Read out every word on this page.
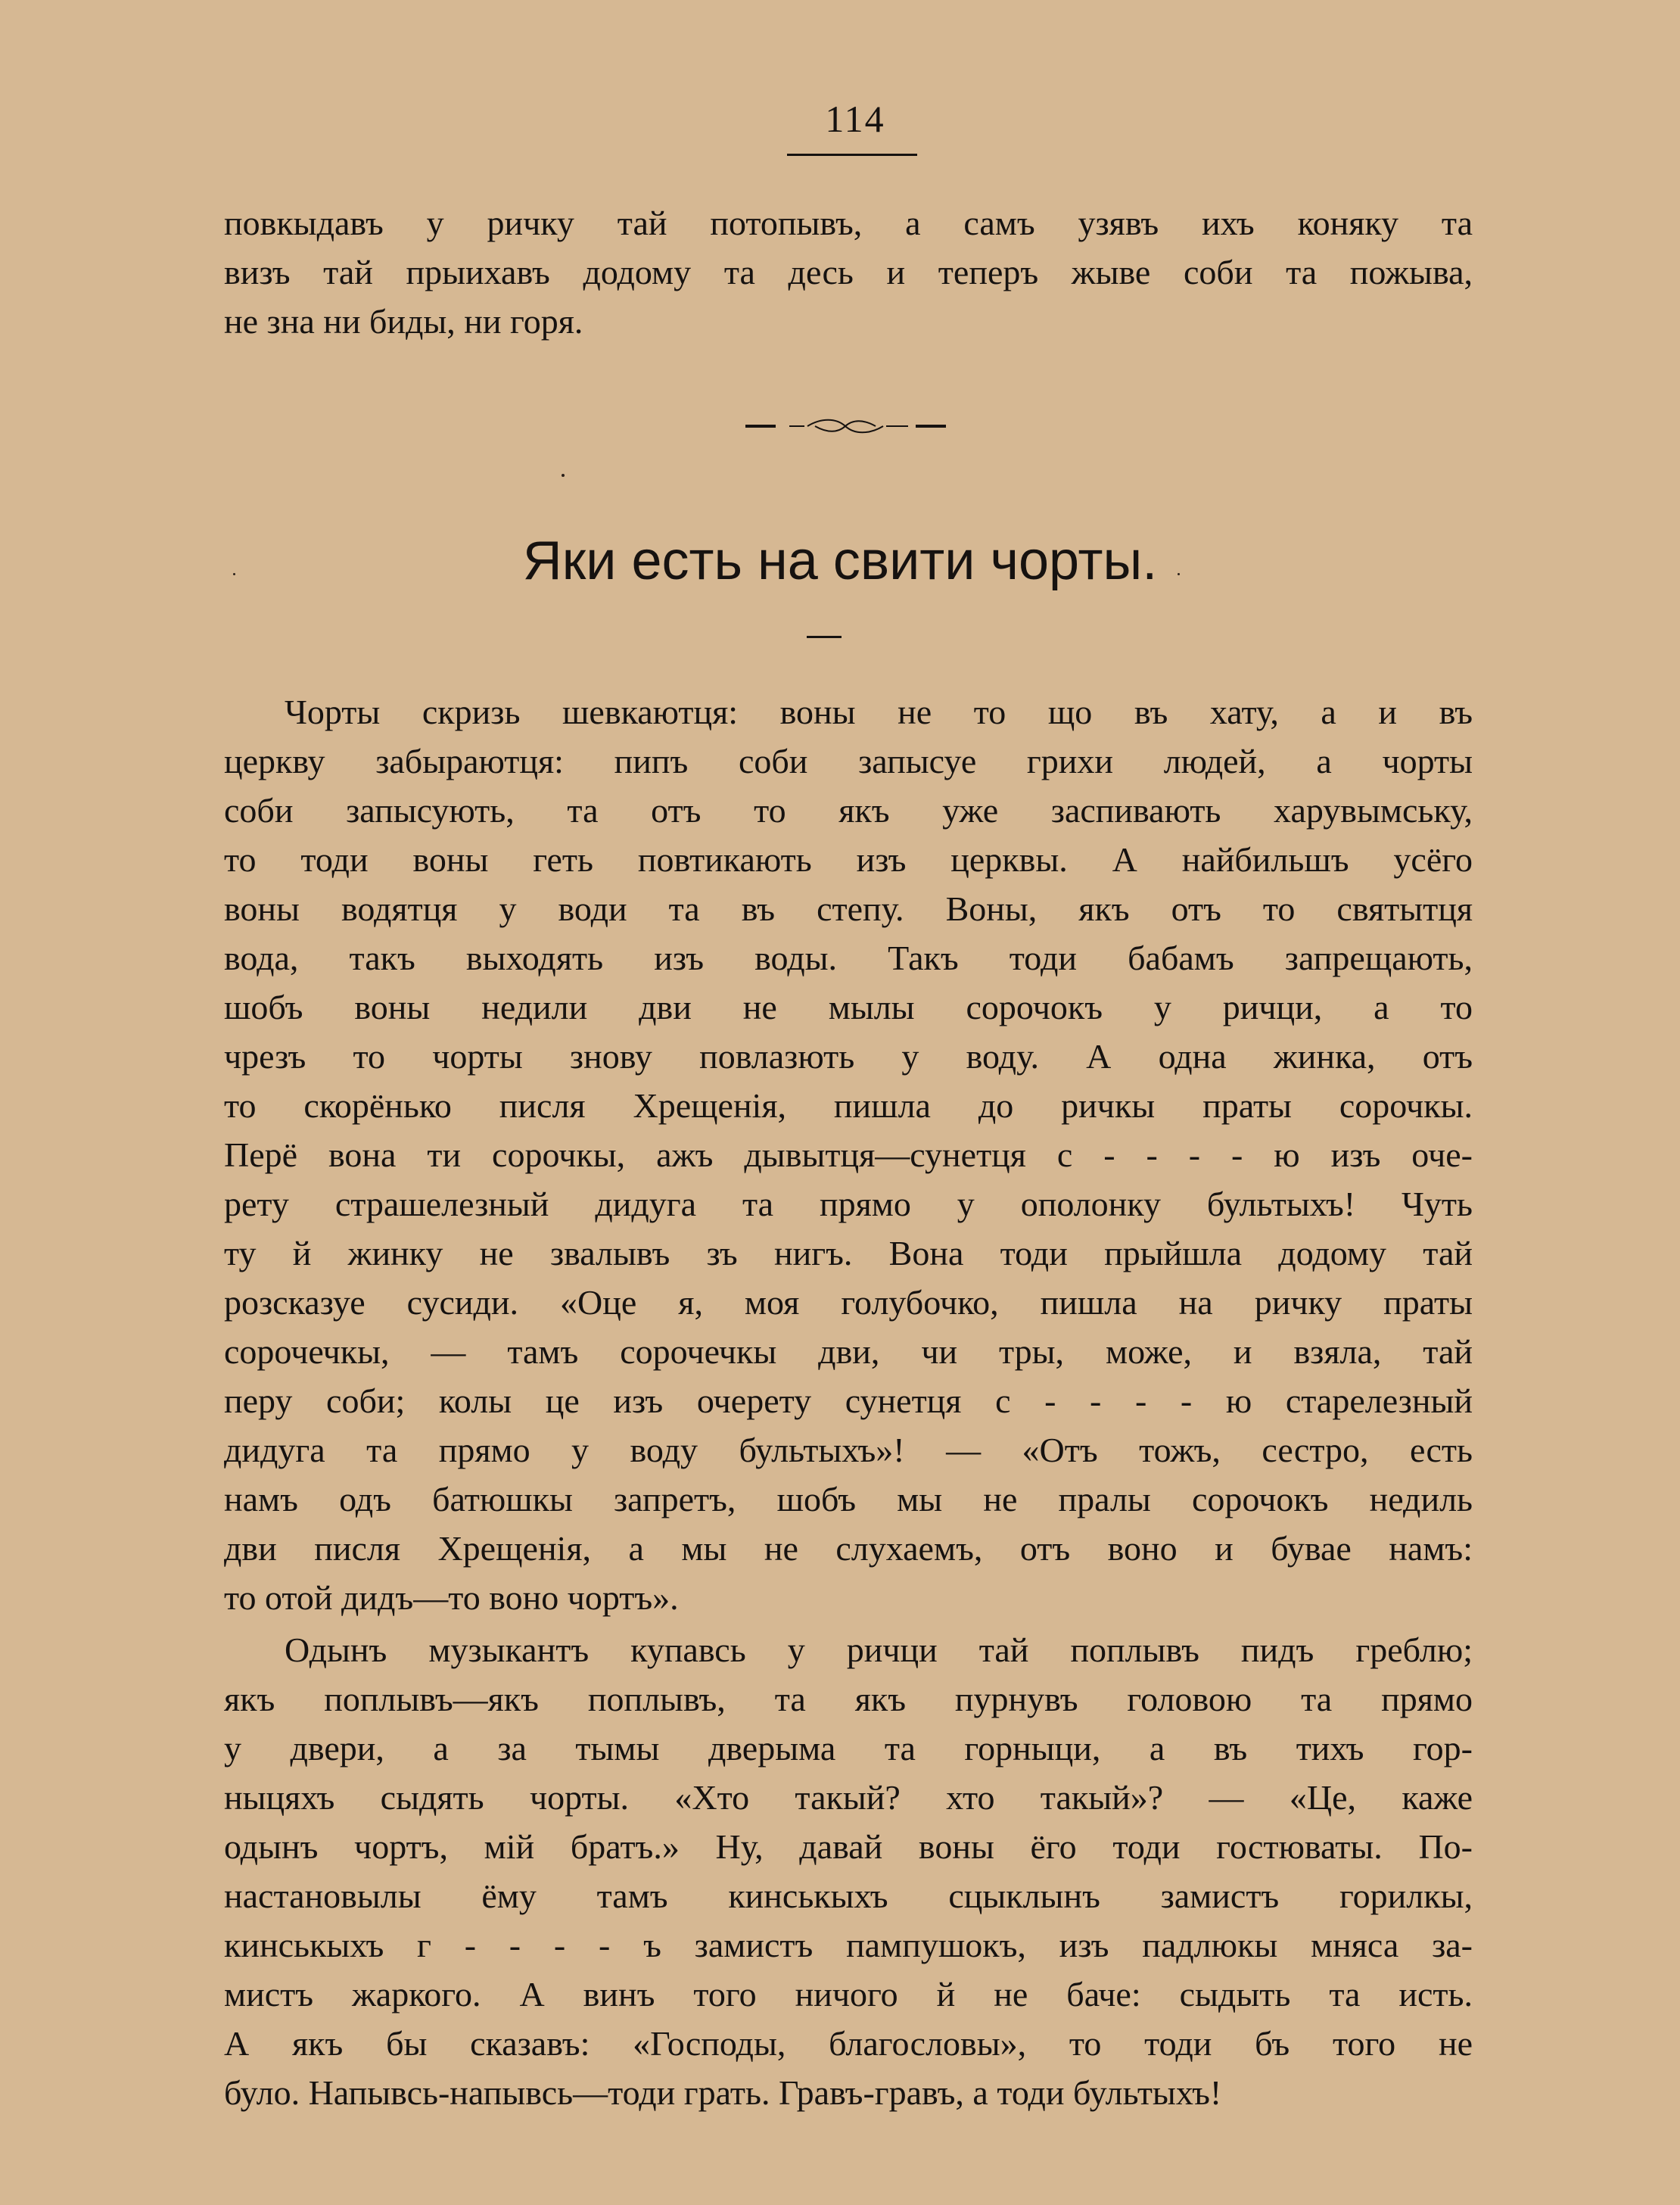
114
повкыдавъ у ричку тай потопывъ, а самъ узявъ ихъ коняку та
визъ тай прыихавъ додому та десь и теперъ жыве соби та пожыва,
не зна ни биды, ни горя.
Яки есть на свити чорты.
Чорты скризь шевкаютця: воны не то що въ хату, а и въ
церкву забыраютця: пипъ соби запысуе грихи людей, а чорты
соби запысують, та отъ то якъ уже заспивають харувымську,
то тоди воны геть повтикають изъ церквы. А найбильшъ усёго
воны водятця у води та въ степу. Воны, якъ отъ то святытця
вода, такъ выходять изъ воды. Такъ тоди бабамъ запрещають,
шобъ воны недили дви не мылы сорочокъ у ричци, а то
чрезъ то чорты знову повлазють у воду. А одна жинка, отъ
то скорёнько писля Хрещенія, пишла до ричкы праты сорочкы.
Перё вона ти сорочкы, ажъ дывытця—сунетця с - - - - ю изъ оче-
рету страшелезный дидуга та прямо у ополонку бультыхъ! Чуть
ту й жинку не звалывъ зъ нигъ. Вона тоди прыйшла додому тай
розсказуе сусиди. «Оце я, моя голубочко, пишла на ричку праты
сорочечкы, — тамъ сорочечкы дви, чи тры, може, и взяла, тай
перу соби; колы це изъ очерету сунетця с - - - - ю старелезный
дидуга та прямо у воду бультыхъ»! — «Отъ тожъ, сестро, есть
намъ одъ батюшкы запретъ, шобъ мы не пралы сорочокъ недиль
дви писля Хрещенія, а мы не слухаемъ, отъ воно и бувае намъ:
то отой дидъ—то воно чортъ».
Одынъ музыкантъ купавсь у ричци тай поплывъ пидъ греблю;
якъ поплывъ—якъ поплывъ, та якъ пурнувъ головою та прямо
у двери, а за тымы дверыма та горныци, а въ тихъ гор-
ныцяхъ сыдять чорты. «Хто такый? хто такый»? — «Це, каже
одынъ чортъ, мій братъ.» Ну, давай воны ёго тоди гостюваты. По-
настановылы ёму тамъ кинськыхъ сцыклынъ замистъ горилкы,
кинськыхъ г - - - - ъ замистъ пампушокъ, изъ падлюкы мняса за-
мистъ жаркого. А винъ того ничого й не баче: сыдыть та исть.
А якъ бы сказавъ: «Господы, благословы», то тоди бъ того не
було. Напывсь-напывсь—тоди грать. Гравъ-гравъ, а тоди бультыхъ!
